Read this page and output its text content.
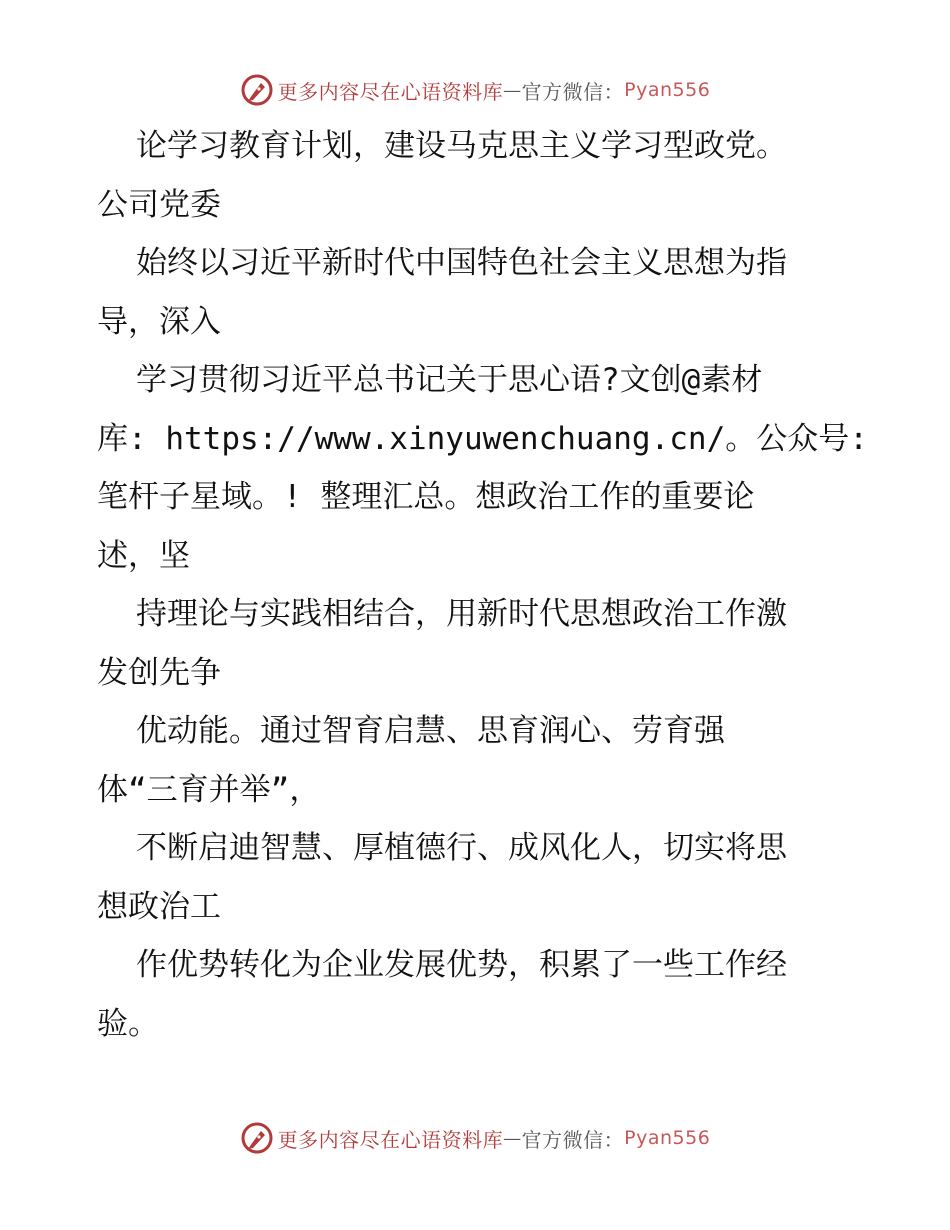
更多内容尽在心语资料库 — 官方微信： Pyan556
论学习教育计划，建设马克思主义学习型政党。
公司党委
始终以习近平新时代中国特色社会主义思想为指
导，深入
学习贯彻习近平总书记关于思心语?文创@素材
库: https://www.xinyuwenchuang.cn/。公众号:
笔杆子星域。! 整理汇总。想政治工作的重要论
述，坚
持理论与实践相结合，用新时代思想政治工作激
发创先争
优动能。通过智育启慧、思育润心、劳育强
体“三育并举”，
不断启迪智慧、厚植德行、成风化人，切实将思
想政治工
作优势转化为企业发展优势，积累了一些工作经
验。
更多内容尽在心语资料库 — 官方微信： Pyan556
